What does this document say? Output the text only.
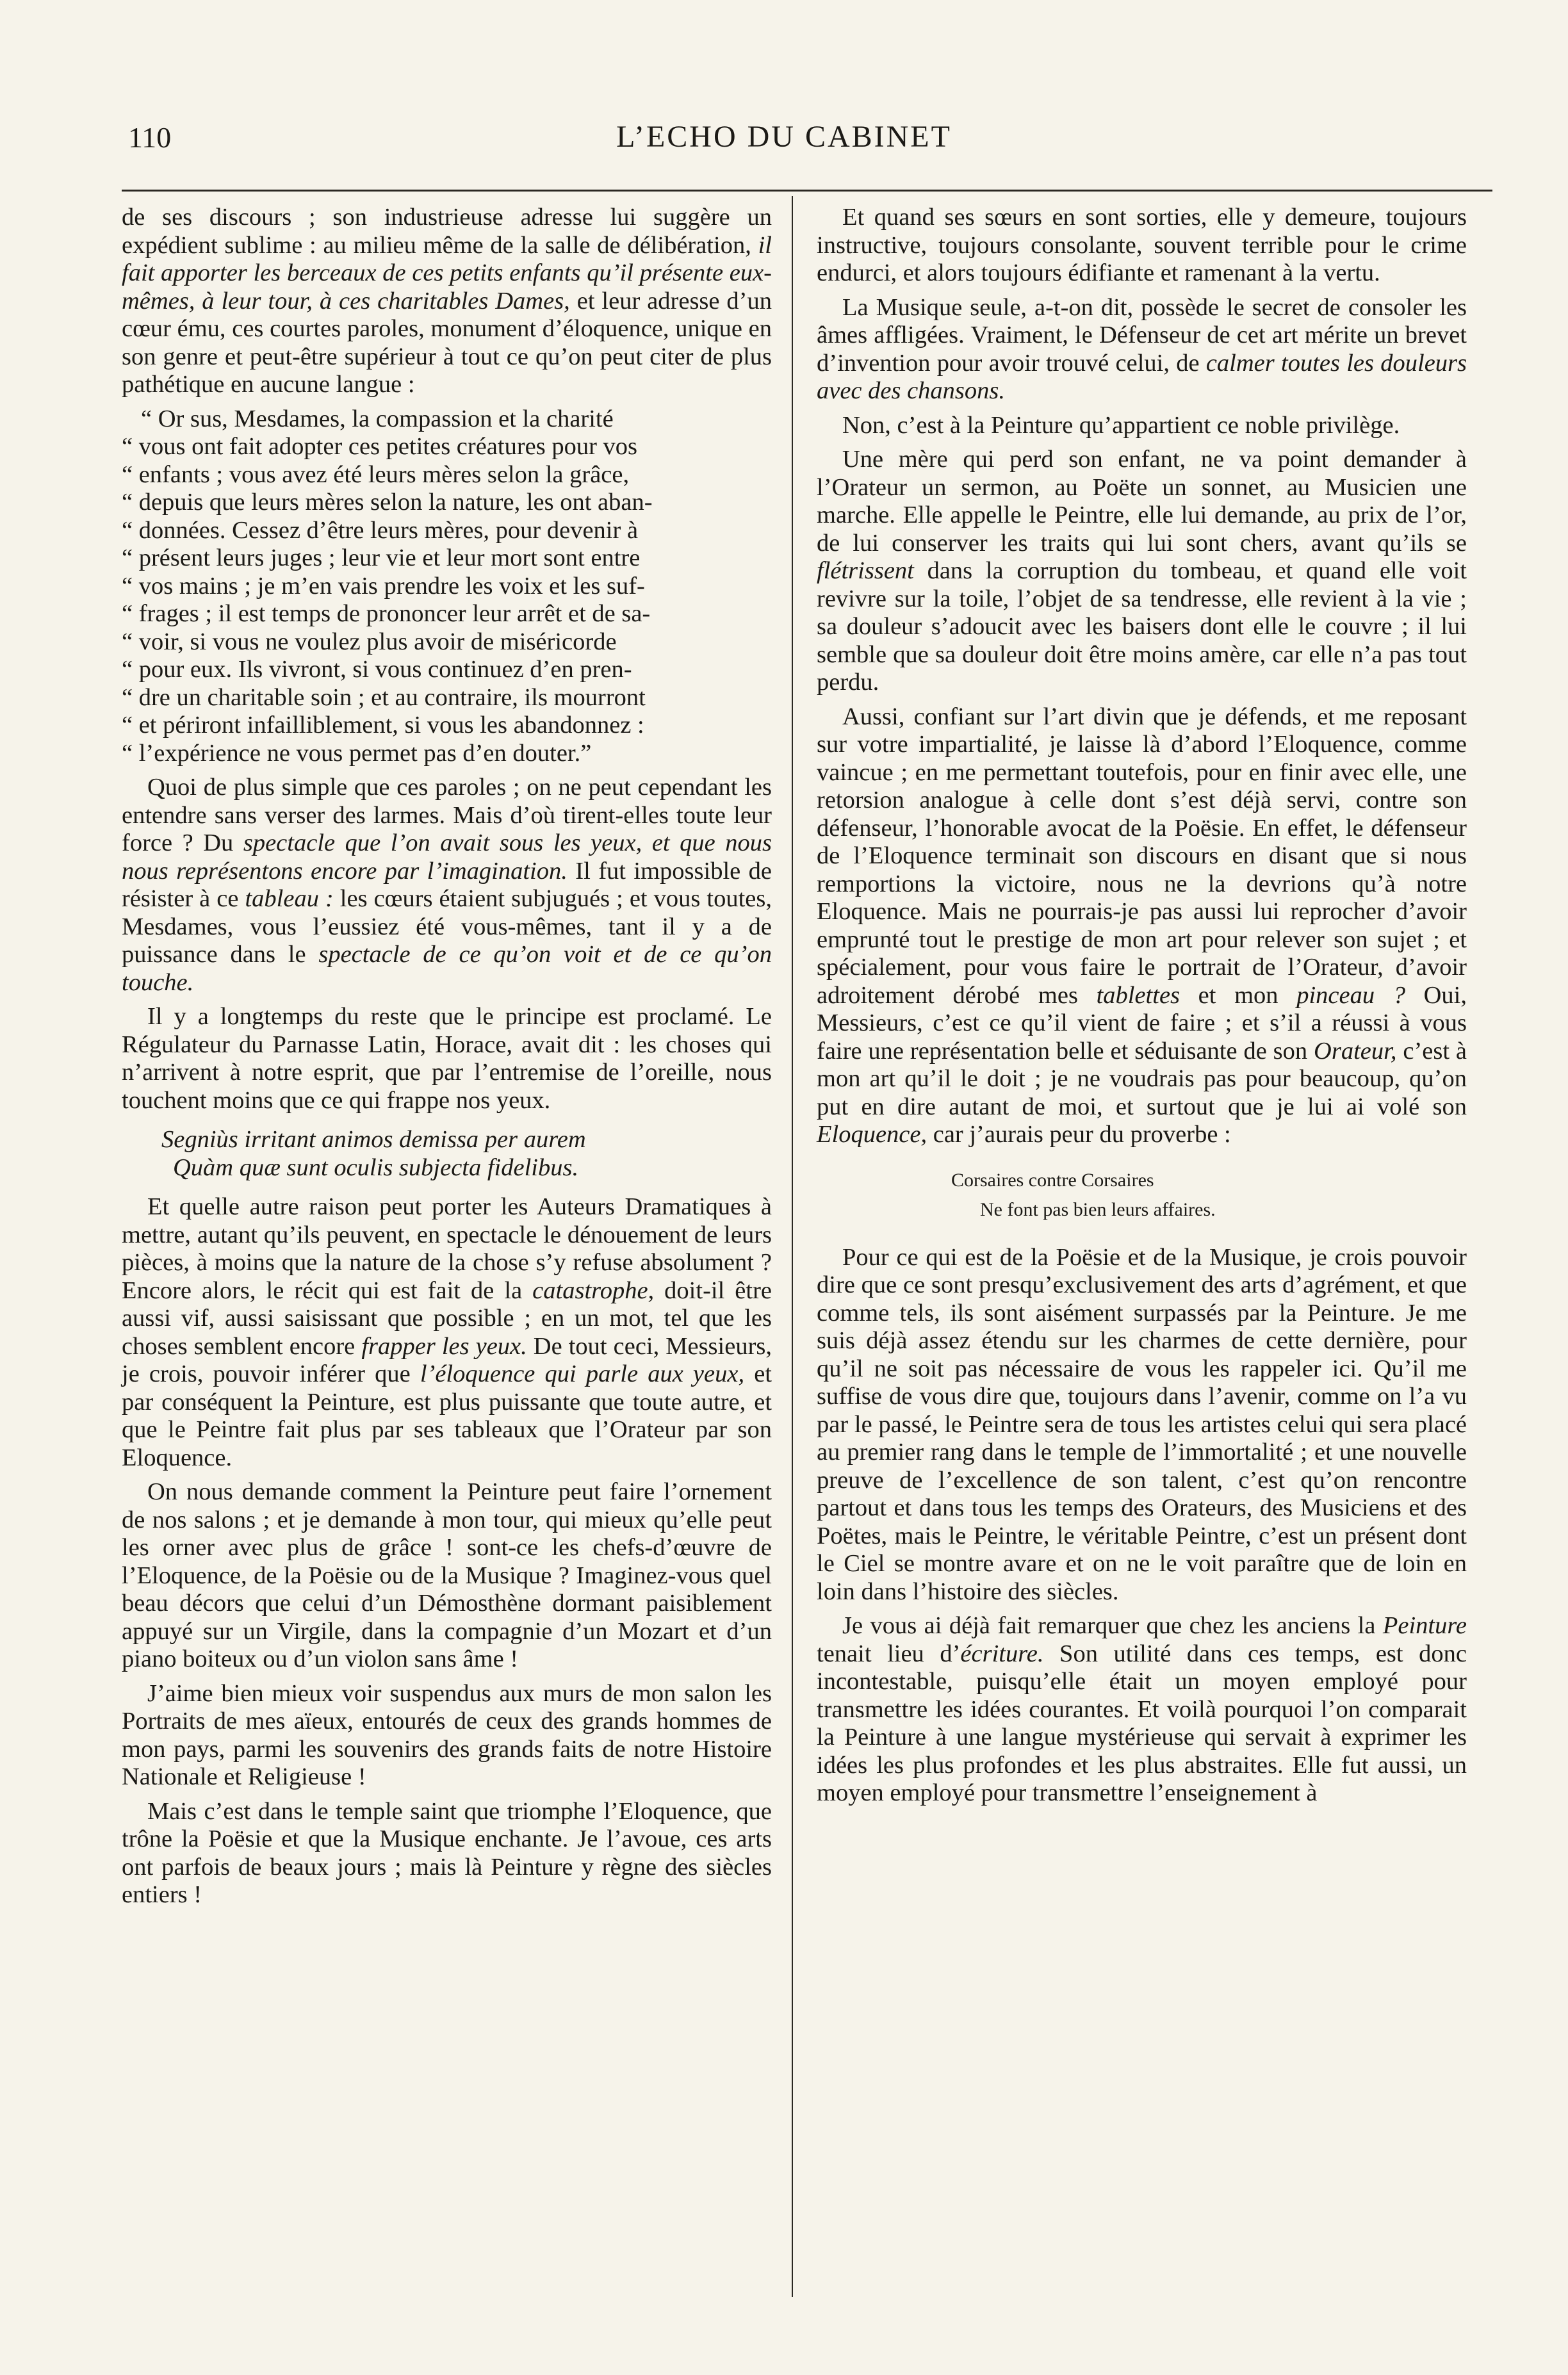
110	L’ECHO DU CABINET

de ses discours ; son industrieuse adresse lui suggère un expédient sublime : au milieu même de la salle de délibération, il fait apporter les berceaux de ces petits enfants qu’il présente eux-mêmes, à leur tour, à ces charitables Dames, et leur adresse d’un cœur ému, ces courtes paroles, monument d’éloquence, unique en son genre et peut-être supérieur à tout ce qu’on peut citer de plus pathétique en aucune langue :

“ Or sus, Mesdames, la compassion et la charité

“ vous ont fait adopter ces petites créatures pour vos

“ enfants ; vous avez été leurs mères selon la grâce,

“ depuis que leurs mères selon la nature, les ont aban-

“ données. Cessez d’être leurs mères, pour devenir à

“ présent leurs juges ; leur vie et leur mort sont entre

“ vos mains ; je m’en vais prendre les voix et les suf-

“ frages ; il est temps de prononcer leur arrêt et de sa-

“ voir, si vous ne voulez plus avoir de miséricorde

“ pour eux. Ils vivront, si vous continuez d’en pren-

“ dre un charitable soin ; et au contraire, ils mourront

“ et périront infailliblement, si vous les abandonnez :

“ l’expérience ne vous permet pas d’en douter.”

Quoi de plus simple que ces paroles ; on ne peut cependant les entendre sans verser des larmes. Mais d’où tirent-elles toute leur force ? Du spectacle que l’on avait sous les yeux, et que nous nous représentons encore par l’imagination. Il fut impossible de résister à ce tableau : les cœurs étaient subjugués ; et vous toutes, Mesdames, vous l’eussiez été vous-mêmes, tant il y a de puissance dans le spectacle de ce qu’on voit et de ce qu’on touche.

Il y a longtemps du reste que le principe est proclamé. Le Régulateur du Parnasse Latin, Horace, avait dit : les choses qui n’arrivent à notre esprit, que par l’entremise de l’oreille, nous touchent moins que ce qui frappe nos yeux.

Segniùs irritant animos demissa per aurem
Quàm quæ sunt oculis subjecta fidelibus.

Et quelle autre raison peut porter les Auteurs Dramatiques à mettre, autant qu’ils peuvent, en spectacle le dénouement de leurs pièces, à moins que la nature de la chose s’y refuse absolument ? Encore alors, le récit qui est fait de la catastrophe, doit-il être aussi vif, aussi saisissant que possible ; en un mot, tel que les choses semblent encore frapper les yeux. De tout ceci, Messieurs, je crois, pouvoir inférer que l’éloquence qui parle aux yeux, et par conséquent la Peinture, est plus puissante que toute autre, et que le Peintre fait plus par ses tableaux que l’Orateur par son Eloquence.

On nous demande comment la Peinture peut faire l’ornement de nos salons ; et je demande à mon tour, qui mieux qu’elle peut les orner avec plus de grâce ! sont-ce les chefs-d’œuvre de l’Eloquence, de la Poësie ou de la Musique ? Imaginez-vous quel beau décors que celui d’un Démosthène dormant paisiblement appuyé sur un Virgile, dans la compagnie d’un Mozart et d’un piano boiteux ou d’un violon sans âme !

J’aime bien mieux voir suspendus aux murs de mon salon les Portraits de mes aïeux, entourés de ceux des grands hommes de mon pays, parmi les souvenirs des grands faits de notre Histoire Nationale et Religieuse !

Mais c’est dans le temple saint que triomphe l’Eloquence, que trône la Poësie et que la Musique enchante. Je l’avoue, ces arts ont parfois de beaux jours ; mais là Peinture y règne des siècles entiers !

Et quand ses sœurs en sont sorties, elle y demeure, toujours instructive, toujours consolante, souvent terrible pour le crime endurci, et alors toujours édifiante et ramenant à la vertu.

La Musique seule, a-t-on dit, possède le secret de consoler les âmes affligées. Vraiment, le Défenseur de cet art mérite un brevet d’invention pour avoir trouvé celui, de calmer toutes les douleurs avec des chansons.

Non, c’est à la Peinture qu’appartient ce noble privilège.

Une mère qui perd son enfant, ne va point demander à l’Orateur un sermon, au Poëte un sonnet, au Musicien une marche. Elle appelle le Peintre, elle lui demande, au prix de l’or, de lui conserver les traits qui lui sont chers, avant qu’ils se flétrissent dans la corruption du tombeau, et quand elle voit revivre sur la toile, l’objet de sa tendresse, elle revient à la vie ; sa douleur s’adoucit avec les baisers dont elle le couvre ; il lui semble que sa douleur doit être moins amère, car elle n’a pas tout perdu.

Aussi, confiant sur l’art divin que je défends, et me reposant sur votre impartialité, je laisse là d’abord l’Eloquence, comme vaincue ; en me permettant toutefois, pour en finir avec elle, une retorsion analogue à celle dont s’est déjà servi, contre son défenseur, l’honorable avocat de la Poësie. En effet, le défenseur de l’Eloquence terminait son discours en disant que si nous remportions la victoire, nous ne la devrions qu’à notre Eloquence. Mais ne pourrais-je pas aussi lui reprocher d’avoir emprunté tout le prestige de mon art pour relever son sujet ; et spécialement, pour vous faire le portrait de l’Orateur, d’avoir adroitement dérobé mes tablettes et mon pinceau ? Oui, Messieurs, c’est ce qu’il vient de faire ; et s’il a réussi à vous faire une représentation belle et séduisante de son Orateur, c’est à mon art qu’il le doit ; je ne voudrais pas pour beaucoup, qu’on put en dire autant de moi, et surtout que je lui ai volé son Eloquence, car j’aurais peur du proverbe :

Corsaires contre Corsaires
Ne font pas bien leurs affaires.

Pour ce qui est de la Poësie et de la Musique, je crois pouvoir dire que ce sont presqu’exclusivement des arts d’agrément, et que comme tels, ils sont aisément surpassés par la Peinture. Je me suis déjà assez étendu sur les charmes de cette dernière, pour qu’il ne soit pas nécessaire de vous les rappeler ici. Qu’il me suffise de vous dire que, toujours dans l’avenir, comme on l’a vu par le passé, le Peintre sera de tous les artistes celui qui sera placé au premier rang dans le temple de l’immortalité ; et une nouvelle preuve de l’excellence de son talent, c’est qu’on rencontre partout et dans tous les temps des Orateurs, des Musiciens et des Poëtes, mais le Peintre, le véritable Peintre, c’est un présent dont le Ciel se montre avare et on ne le voit paraître que de loin en loin dans l’histoire des siècles.

Je vous ai déjà fait remarquer que chez les anciens la Peinture tenait lieu d’écriture. Son utilité dans ces temps, est donc incontestable, puisqu’elle était un moyen employé pour transmettre les idées courantes. Et voilà pourquoi l’on comparait la Peinture à une langue mystérieuse qui servait à exprimer les idées les plus profondes et les plus abstraites. Elle fut aussi, un moyen employé pour transmettre l’enseignement à
